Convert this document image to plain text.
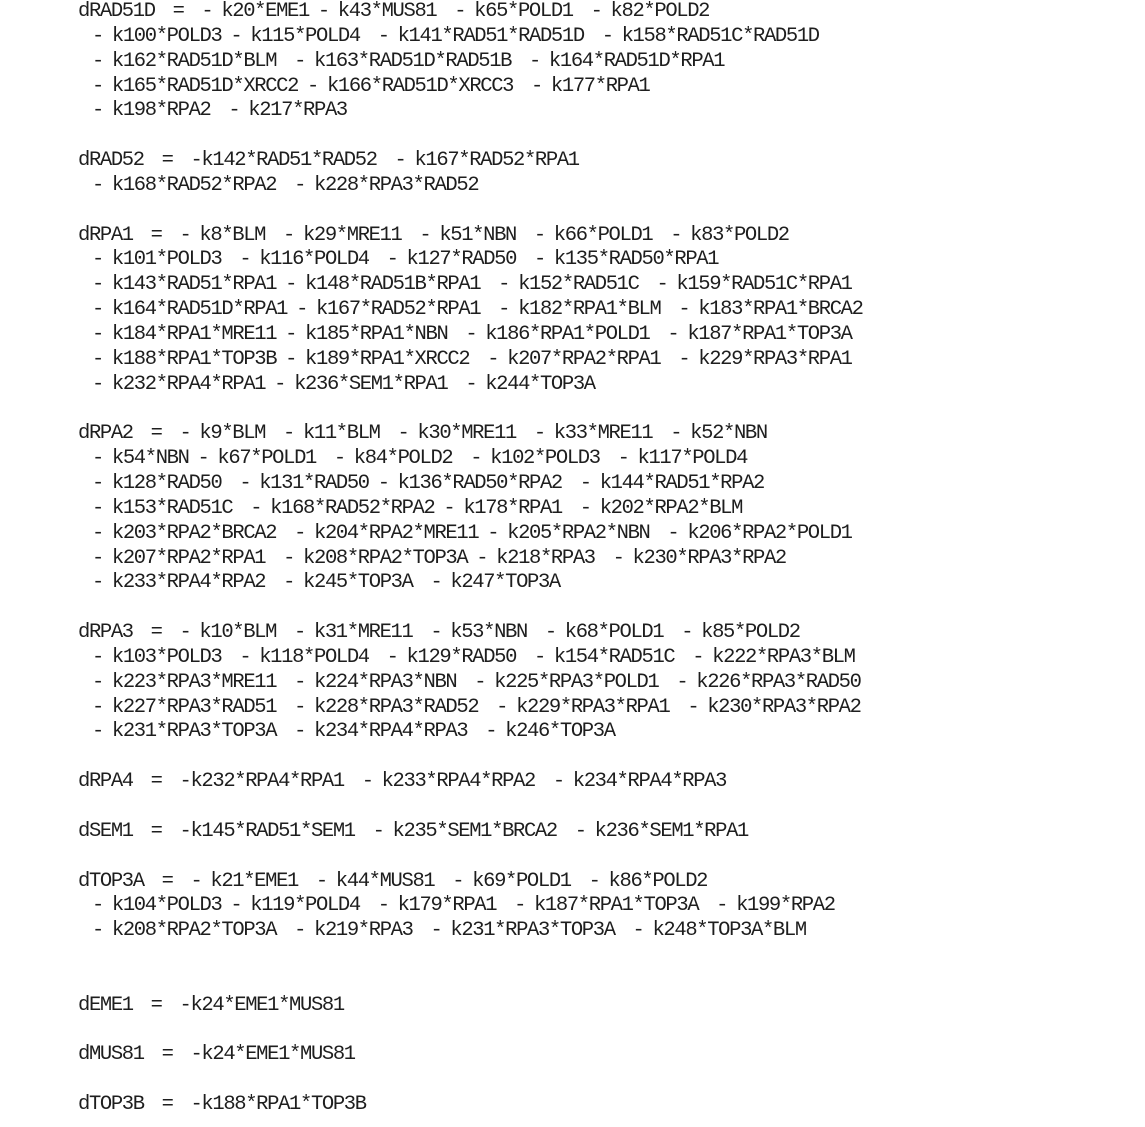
dRAD51D  =  - k20*EME1 - k43*MUS81  - k65*POLD1  - k82*POLD2
- k100*POLD3 - k115*POLD4  - k141*RAD51*RAD51D  - k158*RAD51C*RAD51D
- k162*RAD51D*BLM  - k163*RAD51D*RAD51B  - k164*RAD51D*RPA1
- k165*RAD51D*XRCC2 - k166*RAD51D*XRCC3  - k177*RPA1
- k198*RPA2  - k217*RPA3
dRAD52  =  -k142*RAD51*RAD52  - k167*RAD52*RPA1
- k168*RAD52*RPA2  - k228*RPA3*RAD52
dRPA1  =  - k8*BLM  - k29*MRE11  - k51*NBN  - k66*POLD1  - k83*POLD2
- k101*POLD3  - k116*POLD4  - k127*RAD50  - k135*RAD50*RPA1
- k143*RAD51*RPA1 - k148*RAD51B*RPA1  - k152*RAD51C  - k159*RAD51C*RPA1
- k164*RAD51D*RPA1 - k167*RAD52*RPA1  - k182*RPA1*BLM  - k183*RPA1*BRCA2
- k184*RPA1*MRE11 - k185*RPA1*NBN  - k186*RPA1*POLD1  - k187*RPA1*TOP3A
- k188*RPA1*TOP3B - k189*RPA1*XRCC2  - k207*RPA2*RPA1  - k229*RPA3*RPA1
- k232*RPA4*RPA1 - k236*SEM1*RPA1  - k244*TOP3A
dRPA2  =  - k9*BLM  - k11*BLM  - k30*MRE11  - k33*MRE11  - k52*NBN
- k54*NBN - k67*POLD1  - k84*POLD2  - k102*POLD3  - k117*POLD4
- k128*RAD50  - k131*RAD50 - k136*RAD50*RPA2  - k144*RAD51*RPA2
- k153*RAD51C  - k168*RAD52*RPA2 - k178*RPA1  - k202*RPA2*BLM
- k203*RPA2*BRCA2  - k204*RPA2*MRE11 - k205*RPA2*NBN  - k206*RPA2*POLD1
- k207*RPA2*RPA1  - k208*RPA2*TOP3A - k218*RPA3  - k230*RPA3*RPA2
- k233*RPA4*RPA2  - k245*TOP3A  - k247*TOP3A
dRPA3  =  - k10*BLM  - k31*MRE11  - k53*NBN  - k68*POLD1  - k85*POLD2
- k103*POLD3  - k118*POLD4  - k129*RAD50  - k154*RAD51C  - k222*RPA3*BLM
- k223*RPA3*MRE11  - k224*RPA3*NBN  - k225*RPA3*POLD1  - k226*RPA3*RAD50
- k227*RPA3*RAD51  - k228*RPA3*RAD52  - k229*RPA3*RPA1  - k230*RPA3*RPA2
- k231*RPA3*TOP3A  - k234*RPA4*RPA3  - k246*TOP3A
dRPA4  =  -k232*RPA4*RPA1  - k233*RPA4*RPA2  - k234*RPA4*RPA3
dSEM1  =  -k145*RAD51*SEM1  - k235*SEM1*BRCA2  - k236*SEM1*RPA1
dTOP3A  =  - k21*EME1  - k44*MUS81  - k69*POLD1  - k86*POLD2
- k104*POLD3 - k119*POLD4  - k179*RPA1  - k187*RPA1*TOP3A  - k199*RPA2
- k208*RPA2*TOP3A  - k219*RPA3  - k231*RPA3*TOP3A  - k248*TOP3A*BLM
dEME1  =  -k24*EME1*MUS81
dMUS81  =  -k24*EME1*MUS81
dTOP3B  =  -k188*RPA1*TOP3B
